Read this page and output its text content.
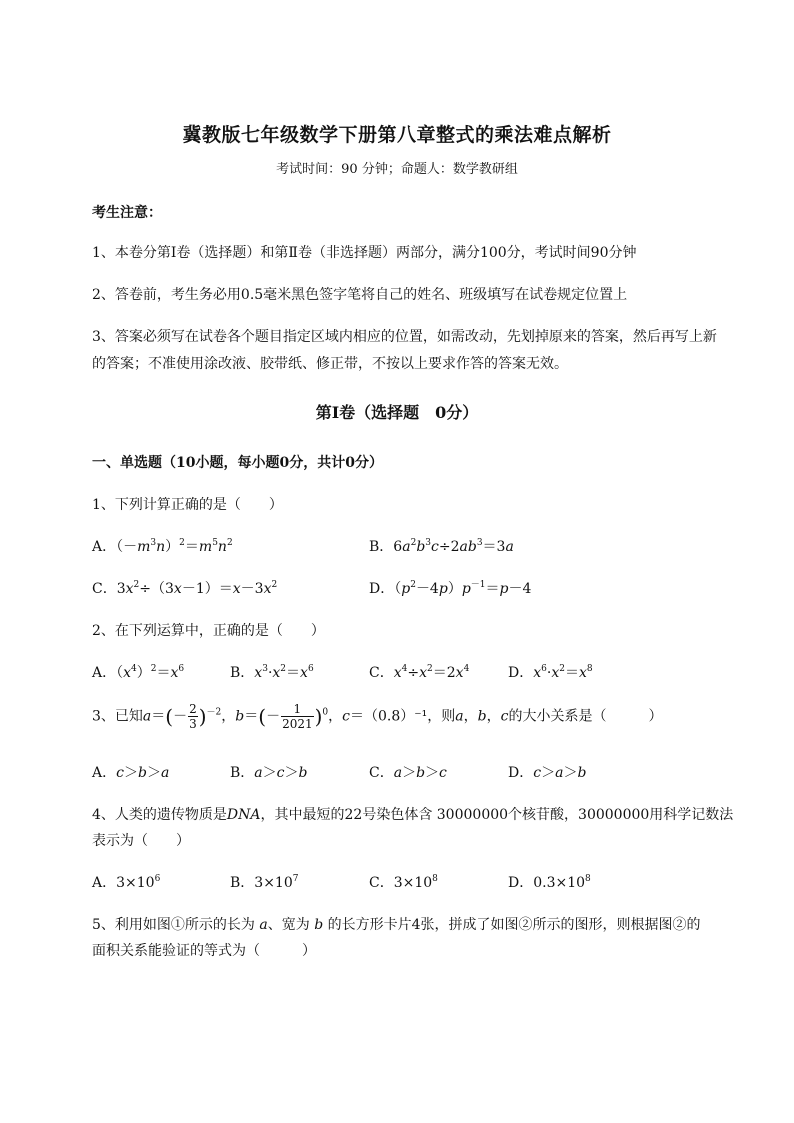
冀教版七年级数学下册第八章整式的乘法难点解析
考试时间：90 分钟；命题人：数学教研组
考生注意：
1、本卷分第Ⅰ卷（选择题）和第Ⅱ卷（非选择题）两部分，满分100分，考试时间90分钟
2、答卷前，考生务必用0.5毫米黑色签字笔将自己的姓名、班级填写在试卷规定位置上
3、答案必须写在试卷各个题目指定区域内相应的位置，如需改动，先划掉原来的答案，然后再写上新
的答案；不准使用涂改液、胶带纸、修正带，不按以上要求作答的答案无效。
第Ⅰ卷（选择题　0分）
一、单选题（10小题，每小题0分，共计0分）
1、下列计算正确的是（　　）
A．$(-m^3n)^2=m^5n^2$	B．$6a^2b^3c\div 2ab^3=3a$
C．$3x^2\div(3x-1)=x-3x^2$	D．$(p^2-4p)p^{-1}=p-4$
2、在下列运算中，正确的是（　　）
A．$(x^4)^2=x^6$	B．$x^3\cdot x^2=x^6$	C．$x^4\div x^2=2x^4$	D．$x^6\cdot x^2=x^8$
3、已知$a=(- \frac{2}{3} )^{-2}$，$b=(- \frac{1}{2021} )^0$，c＝（0.8）⁻¹，则a，b，c的大小关系是（　　　）
A．c＞b＞a	B．a＞c＞b	C．a＞b＞c	D．c＞a＞b
4、人类的遗传物质是DNA，其中最短的22号染色体含 30000000个核苷酸，30000000用科学记数法
表示为（　　）
A．$3\times 10^6$	B．$3\times 10^7$	C．$3\times 10^8$	D．$0.3\times 10^8$
5、利用如图①所示的长为 a、宽为 b 的长方形卡片4张，拼成了如图②所示的图形，则根据图②的
面积关系能验证的等式为（　　　）
